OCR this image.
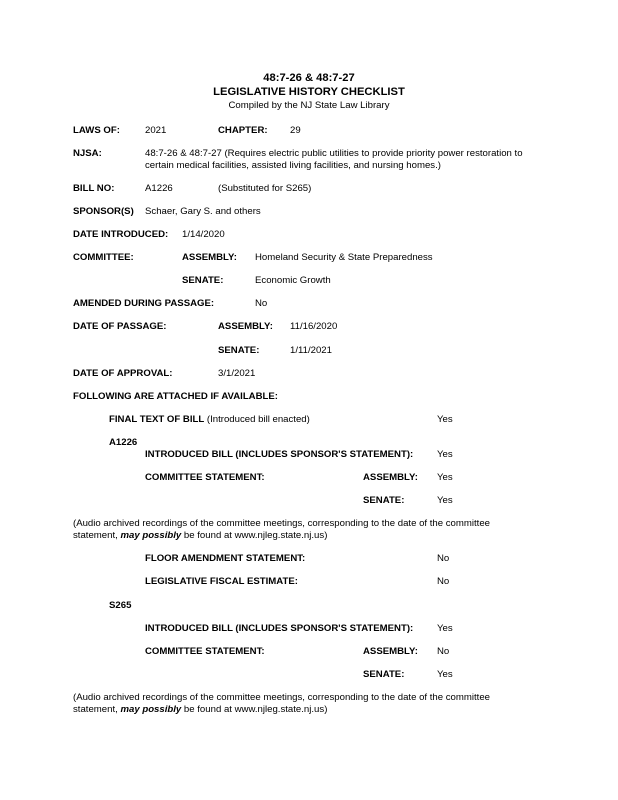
48:7-26 & 48:7-27
LEGISLATIVE HISTORY CHECKLIST
Compiled by the NJ State Law Library
LAWS OF:	2021	CHAPTER: 29
NJSA:	48:7-26 & 48:7-27 (Requires electric public utilities to provide priority power restoration to
certain medical facilities, assisted living facilities, and nursing homes.)
BILL NO:	A1226	(Substituted for S265)
SPONSOR(S) Schaer, Gary S. and others
DATE INTRODUCED: 1/14/2020
COMMITTEE:	ASSEMBLY: Homeland Security & State Preparedness
SENATE:	Economic Growth
AMENDED DURING PASSAGE:	No
DATE OF PASSAGE:	ASSEMBLY: 11/16/2020
SENATE:	1/11/2021
DATE OF APPROVAL:	3/1/2021
FOLLOWING ARE ATTACHED IF AVAILABLE:
FINAL TEXT OF BILL (Introduced bill enacted)	Yes
A1226
INTRODUCED BILL (INCLUDES SPONSOR'S STATEMENT): Yes
COMMITTEE STATEMENT:	ASSEMBLY: Yes
SENATE:	Yes
(Audio archived recordings of the committee meetings, corresponding to the date of the committee
statement, may possibly be found at www.njleg.state.nj.us)
FLOOR AMENDMENT STATEMENT:	No
LEGISLATIVE FISCAL ESTIMATE:	No
S265
INTRODUCED BILL (INCLUDES SPONSOR'S STATEMENT): Yes
COMMITTEE STATEMENT:	ASSEMBLY: No
SENATE:	Yes
(Audio archived recordings of the committee meetings, corresponding to the date of the committee
statement, may possibly be found at www.njleg.state.nj.us)
